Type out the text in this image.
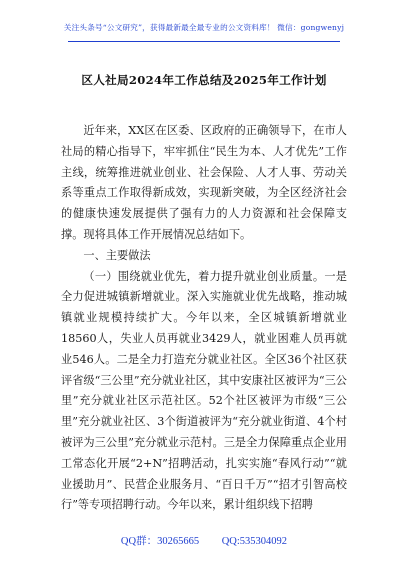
关注头条号“公文研究”，获得最新最全最专业的公文资料库！ 微信：gongwenyj
区人社局2024年工作总结及2025年工作计划

近年来，XX区在区委、区政府的正确领导下，在市人社局的精心指导下，牢牢抓住“民生为本、人才优先”工作主线，统筹推进就业创业、社会保险、人才人事、劳动关系等重点工作取得新成效，实现新突破，为全区经济社会的健康快速发展提供了强有力的人力资源和社会保障支撑。现将具体工作开展情况总结如下。

一、主要做法

（一）围绕就业优先，着力提升就业创业质量。一是全力促进城镇新增就业。深入实施就业优先战略，推动城镇就业规模持续扩大。今年以来，全区城镇新增就业18560人，失业人员再就业3429人，就业困难人员再就业546人。二是全力打造充分就业社区。全区36个社区获评省级“三公里”充分就业社区，其中安康社区被评为“三公里”充分就业社区示范社区。52个社区被评为市级“三公里”充分就业社区、3个街道被评为“充分就业街道、4个村被评为三公里”充分就业示范村。三是全力保障重点企业用工常态化开展“2+N”招聘活动，扎实实施“春风行动”“就业援助月”、民营企业服务月、“百日千万”“招才引智高校行”等专项招聘行动。今年以来，累计组织线下招聘

QQ群：30265665 QQ:535304092
